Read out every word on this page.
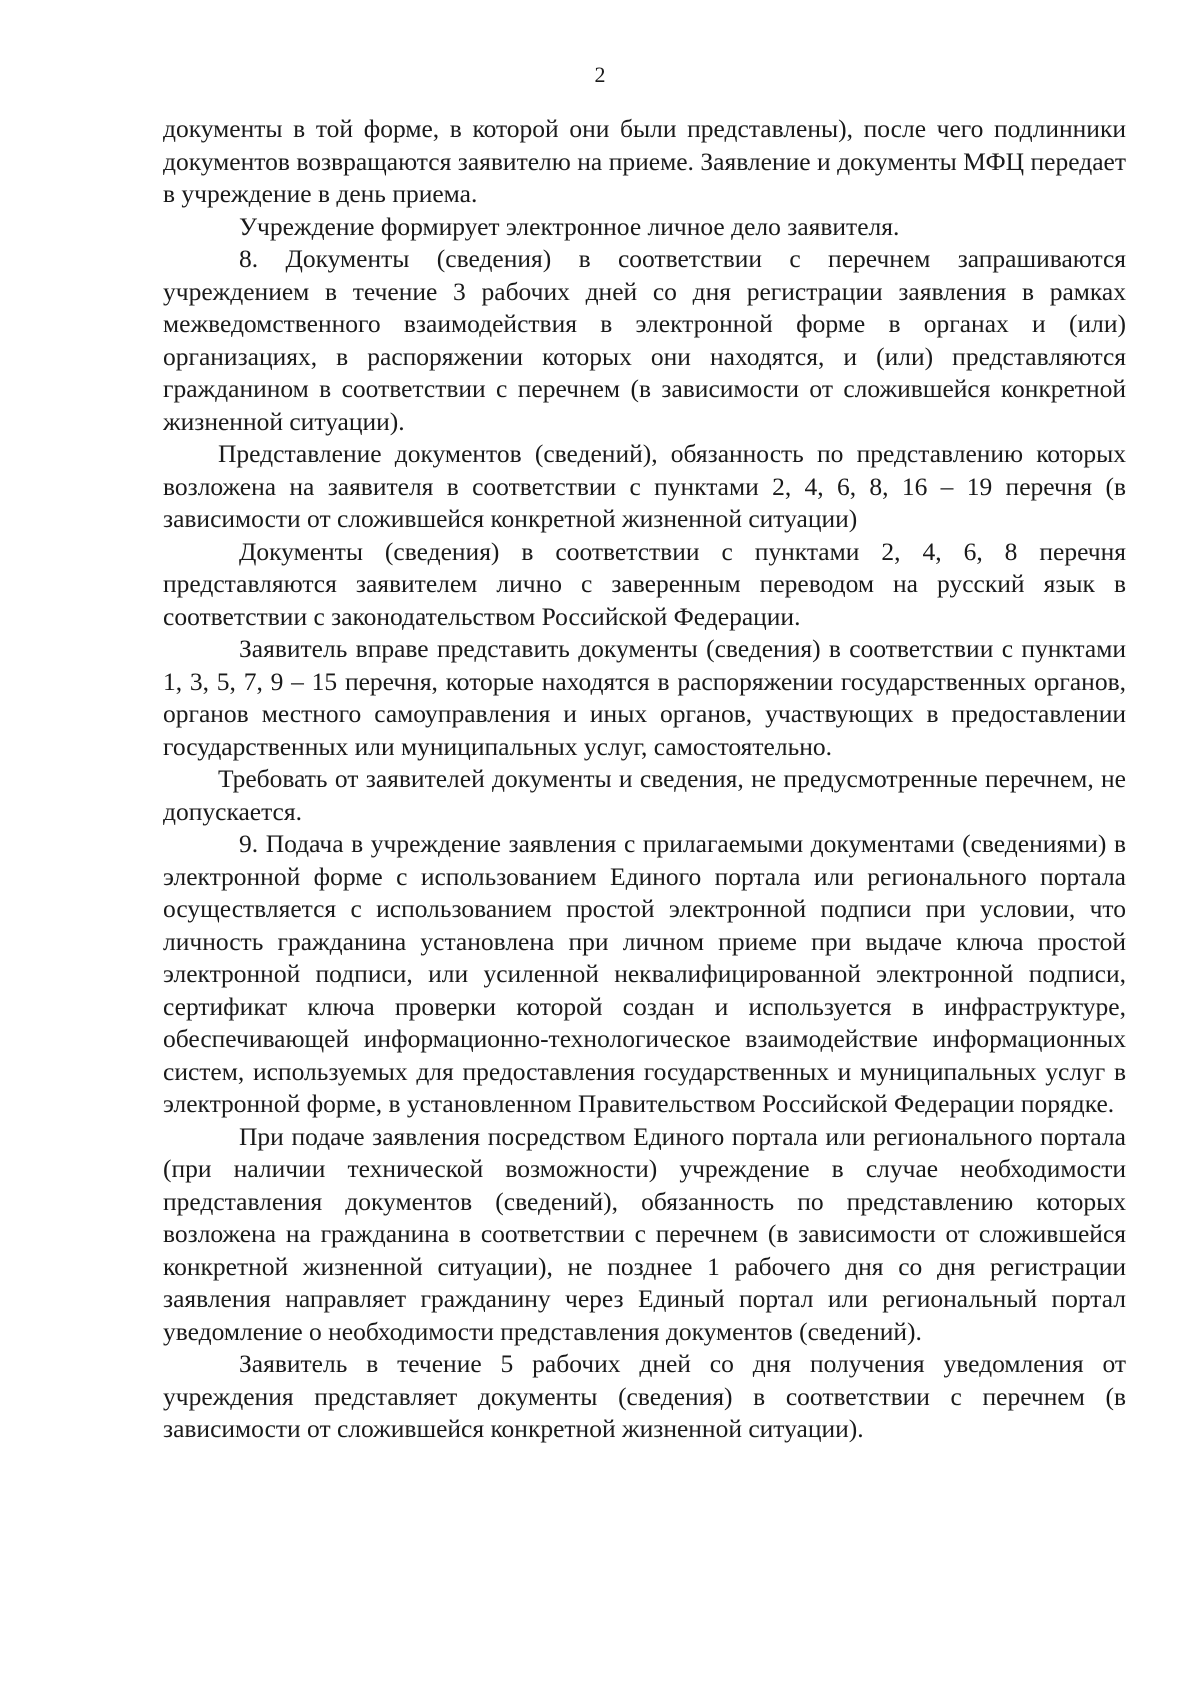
2

документы в той форме, в которой они были представлены), после чего подлинники документов возвращаются заявителю на приеме. Заявление и документы МФЦ передает в учреждение в день приема.

Учреждение формирует электронное личное дело заявителя.

8. Документы (сведения) в соответствии с перечнем запрашиваются учреждением в течение 3 рабочих дней со дня регистрации заявления в рамках межведомственного взаимодействия в электронной форме в органах и (или) организациях, в распоряжении которых они находятся, и (или) представляются гражданином в соответствии с перечнем (в зависимости от сложившейся конкретной жизненной ситуации).

Представление документов (сведений), обязанность по представлению которых возложена на заявителя в соответствии с пунктами 2, 4, 6, 8, 16 – 19 перечня (в зависимости от сложившейся конкретной жизненной ситуации)

Документы (сведения) в соответствии с пунктами 2, 4, 6, 8 перечня представляются заявителем лично с заверенным переводом на русский язык в соответствии с законодательством Российской Федерации.

Заявитель вправе представить документы (сведения) в соответствии с пунктами 1, 3, 5, 7, 9 – 15 перечня, которые находятся в распоряжении государственных органов, органов местного самоуправления и иных органов, участвующих в предоставлении государственных или муниципальных услуг, самостоятельно.

Требовать от заявителей документы и сведения, не предусмотренные перечнем, не допускается.

9. Подача в учреждение заявления с прилагаемыми документами (сведениями) в электронной форме с использованием Единого портала или регионального портала осуществляется с использованием простой электронной подписи при условии, что личность гражданина установлена при личном приеме при выдаче ключа простой электронной подписи, или усиленной неквалифицированной электронной подписи, сертификат ключа проверки которой создан и используется в инфраструктуре, обеспечивающей информационно-технологическое взаимодействие информационных систем, используемых для предоставления государственных и муниципальных услуг в электронной форме, в установленном Правительством Российской Федерации порядке.

При подаче заявления посредством Единого портала или регионального портала (при наличии технической возможности) учреждение в случае необходимости представления документов (сведений), обязанность по представлению которых возложена на гражданина в соответствии с перечнем (в зависимости от сложившейся конкретной жизненной ситуации), не позднее 1 рабочего дня со дня регистрации заявления направляет гражданину через Единый портал или региональный портал уведомление о необходимости представления документов (сведений).

Заявитель в течение 5 рабочих дней со дня получения уведомления от учреждения представляет документы (сведения) в соответствии с перечнем (в зависимости от сложившейся конкретной жизненной ситуации).
